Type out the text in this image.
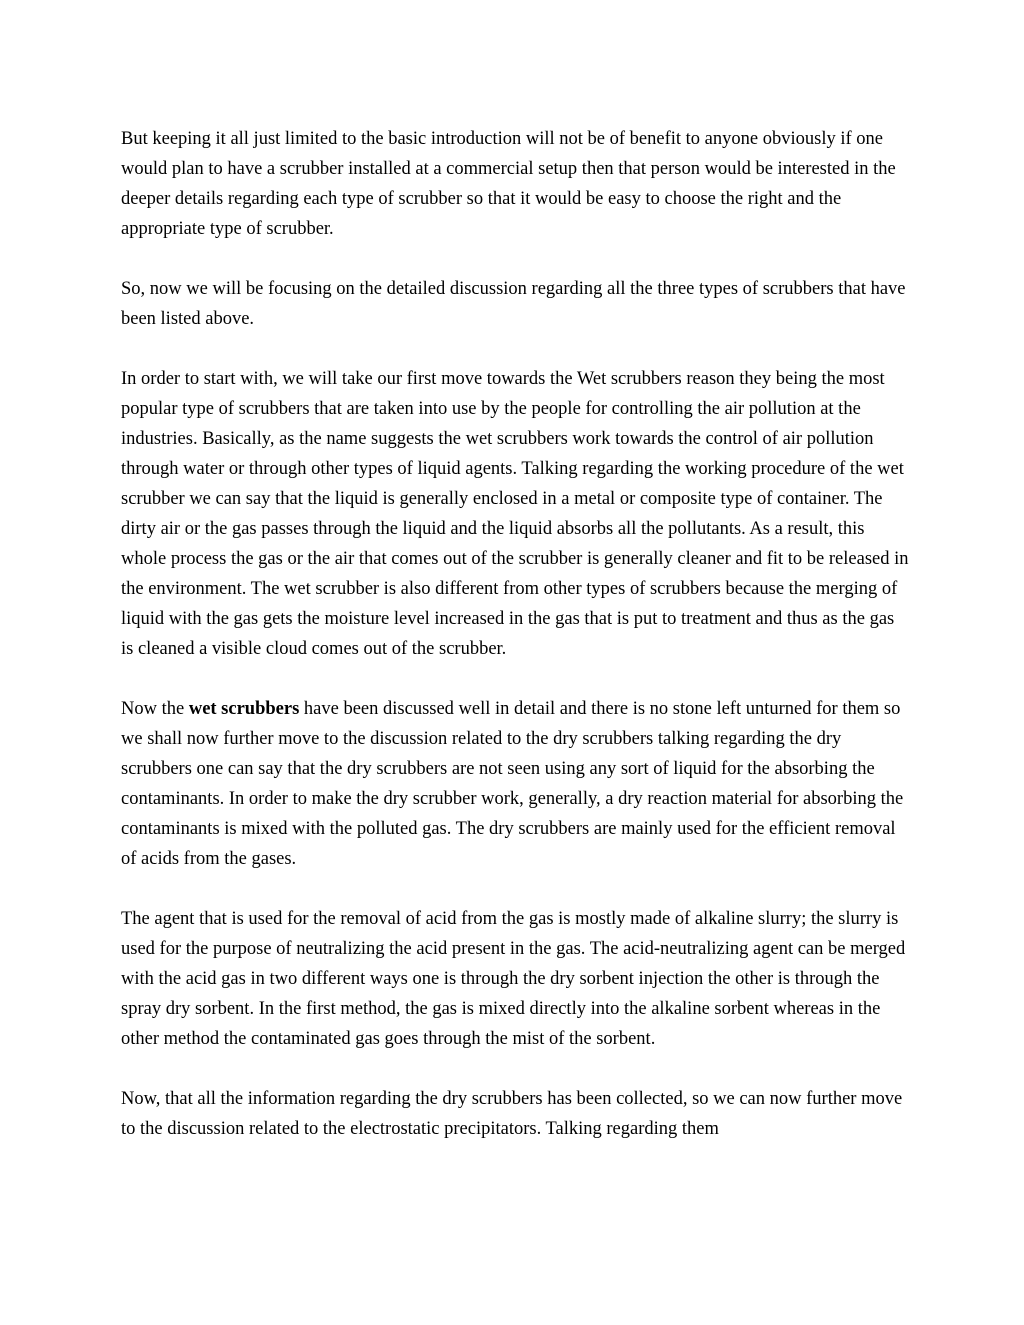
But keeping it all just limited to the basic introduction will not be of benefit to anyone obviously if one would plan to have a scrubber installed at a commercial setup then that person would be interested in the deeper details regarding each type of scrubber so that it would be easy to choose the right and the appropriate type of scrubber.

So, now we will be focusing on the detailed discussion regarding all the three types of scrubbers that have been listed above.

In order to start with, we will take our first move towards the Wet scrubbers reason they being the most popular type of scrubbers that are taken into use by the people for controlling the air pollution at the industries. Basically, as the name suggests the wet scrubbers work towards the control of air pollution through water or through other types of liquid agents. Talking regarding the working procedure of the wet scrubber we can say that the liquid is generally enclosed in a metal or composite type of container. The dirty air or the gas passes through the liquid and the liquid absorbs all the pollutants. As a result, this whole process the gas or the air that comes out of the scrubber is generally cleaner and fit to be released in the environment. The wet scrubber is also different from other types of scrubbers because the merging of liquid with the gas gets the moisture level increased in the gas that is put to treatment and thus as the gas is cleaned a visible cloud comes out of the scrubber.

Now the wet scrubbers have been discussed well in detail and there is no stone left unturned for them so we shall now further move to the discussion related to the dry scrubbers talking regarding the dry scrubbers one can say that the dry scrubbers are not seen using any sort of liquid for the absorbing the contaminants. In order to make the dry scrubber work, generally, a dry reaction material for absorbing the contaminants is mixed with the polluted gas. The dry scrubbers are mainly used for the efficient removal of acids from the gases.

The agent that is used for the removal of acid from the gas is mostly made of alkaline slurry; the slurry is used for the purpose of neutralizing the acid present in the gas. The acid-neutralizing agent can be merged with the acid gas in two different ways one is through the dry sorbent injection the other is through the spray dry sorbent. In the first method, the gas is mixed directly into the alkaline sorbent whereas in the other method the contaminated gas goes through the mist of the sorbent.

Now, that all the information regarding the dry scrubbers has been collected, so we can now further move to the discussion related to the electrostatic precipitators. Talking regarding them
